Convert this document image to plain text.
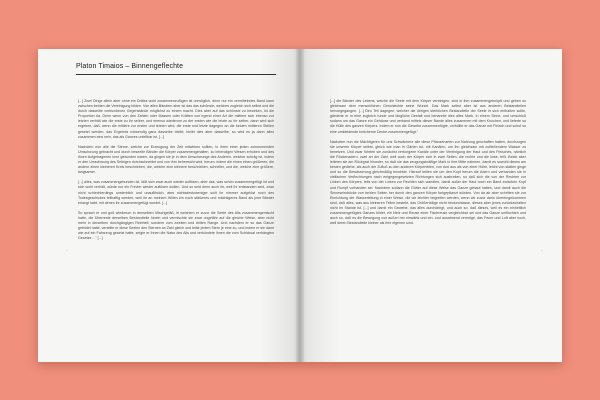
Platon Timaios – Binnengeflechte

[...] Zwei Dinge allein aber ohne ein Drittes wohl zusammenzufügen ist unmöglich, denn nur ein vermittelndes Band kann zwischen beiden die Vereinigung bilden. Von allen Bändern aber ist das das schönste, welches zugleich sich selbst und die durch dasselbe verbundenen Gegenstände möglichst zu einem macht. Dies aber auf das schönste zu bewirken, ist die Proportion da. Denn wenn von drei Zahlen oder Massen oder Kräften von irgend einer Art die mittlere sich ebenso zur letzten verhält wie die erste zu ihr selber, und ebenso wiederum zu der ersten wie die letzte zu ihr selber, dann wird sich ergeben, daß, wenn die mittlere zur ersten und letzten wird, die erste und letzte dagegen an die beiden mittleren Stellen gesetzt werden, das Ergebnis notwendig ganz dasselbe bleibt; bleibt dies aber dasselbe, so wird es ja dann alles zusammen eins sein, das als Ganzes unteilbar ist. [...]

Nachdem nun alle die Sterne, welche zur Erzeugung der Zeit mitwirken sollten, in ihren einer jeden zukommenden Umschwung gebracht und durch beseelte Bänder die Körper zusammengehalten, zu lebendigen Wesen erhoben und des ihnen Aufgetragenen inne geworden waren, da gingen sie je in dem Umschwunge des Anderen, welcher schräg ist, indem er den Umschwung des Selbigen durchschneidet und von ihm beherrscht wird, herum, indem die einen einen größeren, die andern einen kleineren Kreis beschrieben, die, welche eine kleinere beschrieben, schneller, und die, welche eine größere, langsamer.

[...] alles, was zusammengebunden ist, läßt sich zwar auch wieder auflösen, aber das, was schön zusammengefügt ist und sich wohl verhält, würde nur ein Frevler wieder auflösen wollen. Und so seid denn auch ihr, weil ihr entstanden seid, zwar nicht schlechterdings unsterblich und unauflöslich, aber nichtsdestoweniger sollt ihr nimmer aufgelöst noch des Todesgeschickes teilhaftig werden, weil ihr an meinem Willen ein noch stärkeres und mächtigeres Band als jene Bänder erlangt habt, mit denen ihr zusammengefügt wurdet. [...]

So sprach er und goß wiederum in denselben Mischgefäß, in welchem er zuvor die Seele des Alls zusammengemischt hatte, die Überreste derselben Bestandteile hinein und vermischte sie zwar ungefähr auf die gleiche Weise, aber nicht mehr in derselben durchgängigen Reinheit, sondern vom zweiten und dritten Range. Und nachdem er so das Ganze gebildet hatte, verteilte er diese Seelen den Sternen an Zahl gleich und teilte jedem Stern je eine zu, und indem er sie dann wie auf ein Fahrzeug gesetzt hatte, zeigte er ihnen die Natur des Alls und verkündete ihnen die vom Schicksal verhängten Gesetze ..." [...]

·

[...] die Bänder des Lebens, welche die Seele mit dem Körper vereinigen, sind in ihm zusammengeknüpft und geben so gleichsam dem menschlichen Geschlechte seine Wurzel. Das Mark selbst aber ist aus anderen Bestandteilen hervorgegangen. [...] Den Teil dagegen, welcher die übrigen sterblichen Bestandteile der Seele in sich enthalten sollte, gliederte er in eine zugleich runde und längliche Gestalt und benannte dies alles Mark. In einem Sinne, und umschloß sodann um das Ganze ein Gehäuse und verband mittels dieser Bande alles zusammen mit dem Knochen, und lieferte so die Hülle des ganzen Körpers. Indem er nun die Gewebe zusammenfügte, umhüllte er das Ganze mit Fleisch und schuf so eine umkleidende knöcherne Decke zusammengefügt."

Nachdem nun die Mächtigeren für uns Schwächere alle diese Pflanzenarten zur Nahrung geschaffen hatten, durchzogen sie unseren Körper selbst, gleich wie man in Gärten tut, mit Kanälen, um ihn gleichsam mit zufließendem Wasser zu benetzen. Und zwar führten sie zunächst verborgene Kanäle unter der Vereinigung der Haut und des Fleisches, nämlich die Rückenadern, zwei an der Zahl, weil auch der Körper sich in zwei Seiten, die rechte und die linke, teilt. Beide aber leiteten sie am Rückgrat hinunter, so daß sie das zeugungskräftige Mark in ihre Mitte nahmen, damit es sowohl dieses am besten gediehe, als auch der Zufluß zu den anderen Körperteilen, von dort aus als von einer Höhe, leicht von statten ginge und so die Bewässerung gleichmäßig bewirkte. Hierauf teilten sie um den Kopf herum die Adern und verbanden sie in vielfachen Verflechtungen nach entgegengesetzten Richtungen sich ausbreiten, so daß sich die von der Rechten zur Linken des Körpers, teils von der Linken zur Rechten sich wandten, damit außer der Haut noch ein Band zwischen Kopf und Rumpf vorhanden sei. Nachdem sodann die Götter auf diese Weise das Ganze gebaut hatten, und damit auch die Sinneseindrücke von beiden Seiten her durch den ganzen Körper fortgepflanzt würden. Von da ab aber schritten sie zur Einrichtung der Wasserleitung in einer Weise, die wir leichter begreifen werden, wenn wir zuvor darin übereingekommen sind, daß alles, was aus kleineren Teilen besteht, das Größerteilige nicht hindurchlasse, dieses aber jenes zurückzuhalten nicht im Stande ist. [...] und damit ein Gewebe, das alles durchdringt, und auch so, daß dieses, weil es ein einheitlich zusammengefügtes Ganzes bildet, ein Netz und Reuse einer Fischreuse vergleichbar sei und das Ganze umflochten und auch so, daß es die Bewegung von außen her einwärts und ein- und ausatmend vermöge, das Feuer und Luft aber noch, weil deren Bestandteile kleiner als ihre eigenen sind.

·
